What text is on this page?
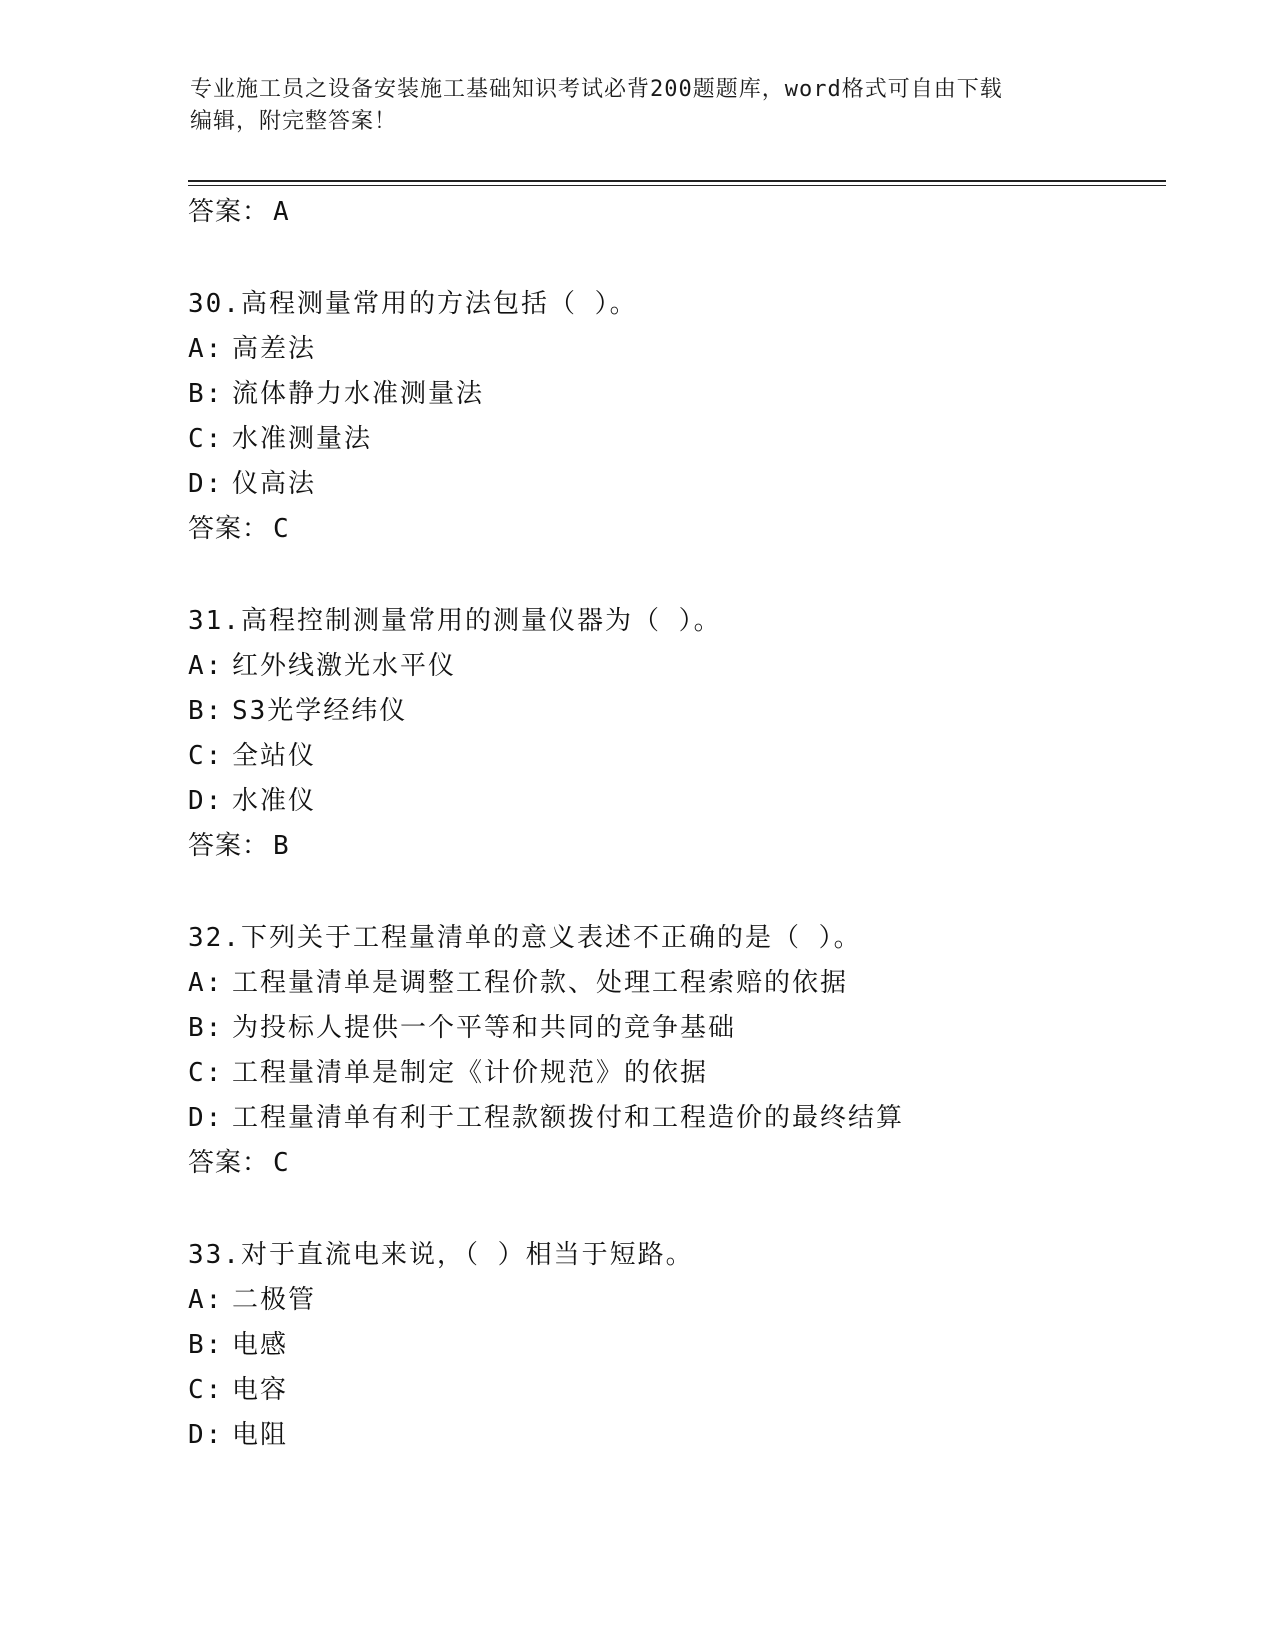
专业施工员之设备安装施工基础知识考试必背200题题库，word格式可自由下载
编辑，附完整答案！
答案： A
30.高程测量常用的方法包括（ ）。
A: 高差法
B: 流体静力水准测量法
C: 水准测量法
D: 仪高法
答案： C
31.高程控制测量常用的测量仪器为（ ）。
A: 红外线激光水平仪
B: S3光学经纬仪
C: 全站仪
D: 水准仪
答案： B
32.下列关于工程量清单的意义表述不正确的是（ ）。
A: 工程量清单是调整工程价款、处理工程索赔的依据
B: 为投标人提供一个平等和共同的竞争基础
C: 工程量清单是制定《计价规范》的依据
D: 工程量清单有利于工程款额拨付和工程造价的最终结算
答案： C
33.对于直流电来说，（ ）相当于短路。
A: 二极管
B: 电感
C: 电容
D: 电阻
